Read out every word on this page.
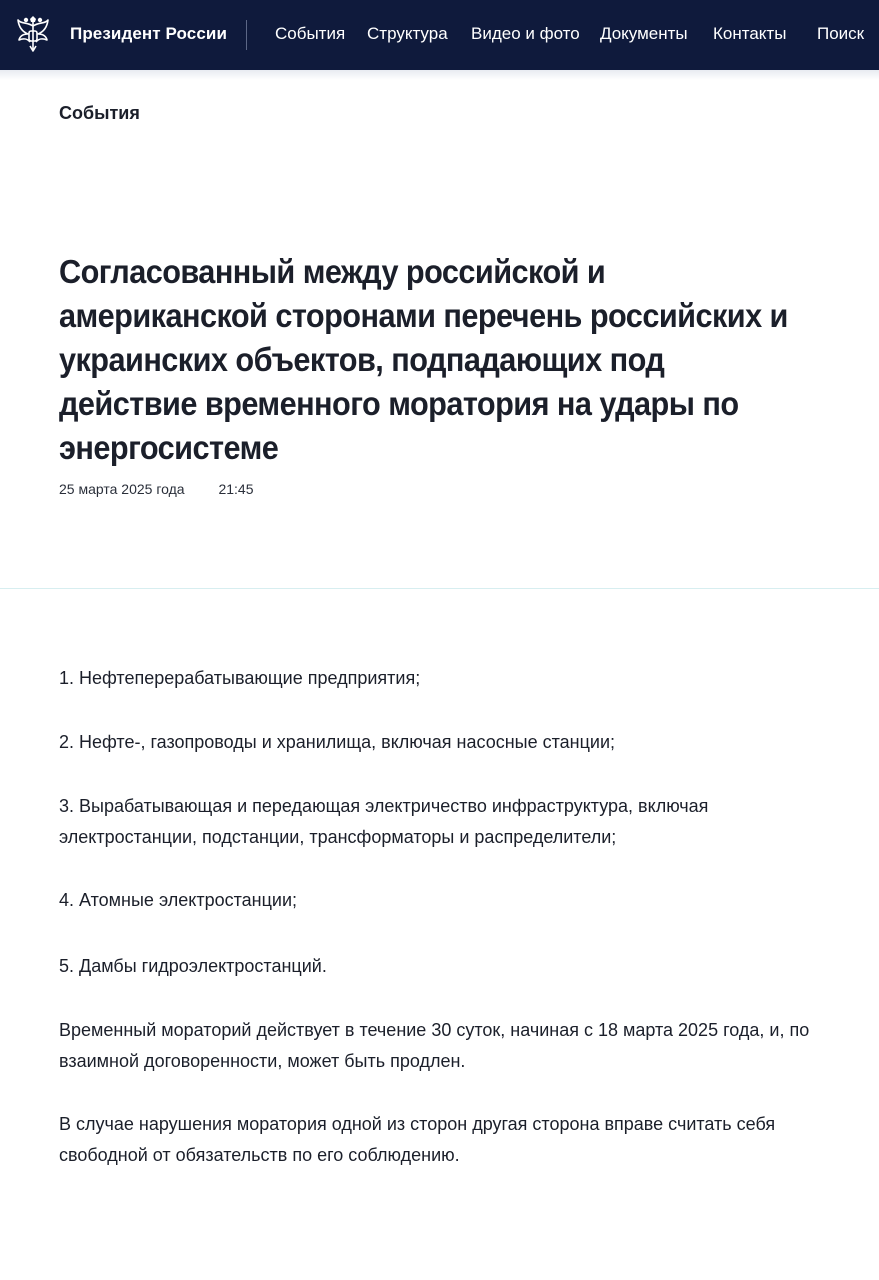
Президент России	События Структура Видео и фото Документы Контакты Поиск
События
Согласованный между российской и американской сторонами перечень российских и украинских объектов, подпадающих под действие временного моратория на удары по энергосистеме
25 марта 2025 года 21:45

1. Нефтеперерабатывающие предприятия;

2. Нефте-, газопроводы и хранилища, включая насосные станции;

3. Вырабатывающая и передающая электричество инфраструктура, включая электростанции, подстанции, трансформаторы и распределители;

4. Атомные электростанции;

5. Дамбы гидроэлектростанций.

Временный мораторий действует в течение 30 суток, начиная с 18 марта 2025 года, и, по взаимной договоренности, может быть продлен.

В случае нарушения моратория одной из сторон другая сторона вправе считать себя свободной от обязательств по его соблюдению.
